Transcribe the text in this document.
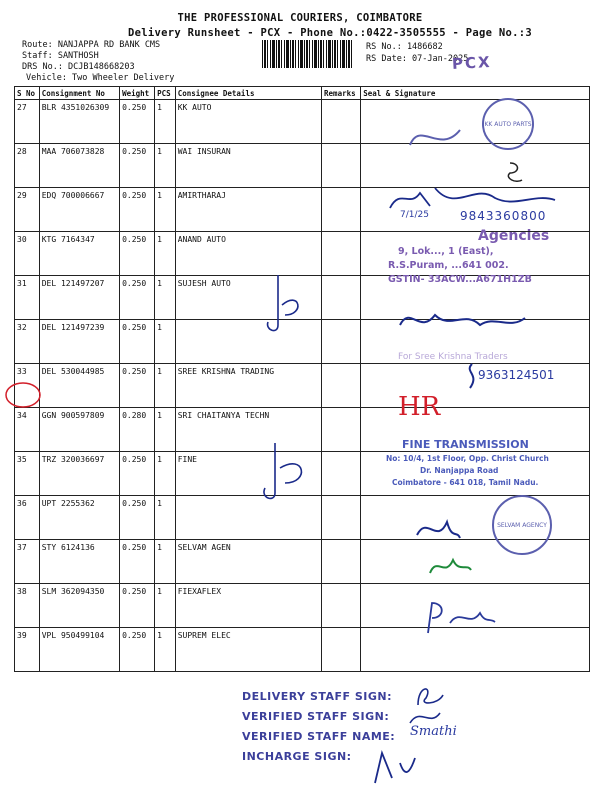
THE PROFESSIONAL COURIERS, COIMBATORE
Delivery Runsheet - PCX - Phone No.:0422-3505555 - Page No.:3
Route: NANJAPPA RD BANK CMS
Staff: SANTHOSH
DRS No.: DCJB148668203
Vehicle: Two Wheeler Delivery
RS No.: 1486682
RS Date: 07-Jan-2025
PCX
S No	Consignment No	Weight	PCS	Consignee Details	Remarks	Seal & Signature
27	BLR 4351026309	0.250	1	KK AUTO		
28	MAA 706073828	0.250	1	WAI INSURAN		
29	EDQ 700006667	0.250	1	AMIRTHARAJ		
30	KTG 7164347	0.250	1	ANAND AUTO		
31	DEL 121497207	0.250	1	SUJESH AUTO		
32	DEL 121497239	0.250	1			
33	DEL 530044985	0.250	1	SREE KRISHNA TRADING		
34	GGN 900597809	0.280	1	SRI CHAITANYA TECHN		
35	TRZ 320036697	0.250	1	FINE		
36	UPT 2255362	0.250	1			
37	STY 6124136	0.250	1	SELVAM AGEN		
38	SLM 362094350	0.250	1	FIEXAFLEX		
39	VPL 950499104	0.250	1	SUPREM ELEC		
KK AUTO PARTS
7/1/25	9843360800
Agencies
9, Lok..., 1 (East),
R.S.Puram, ...641 002.
GSTIN- 33ACW...A671H1ZB
For Sree Krishna Traders
9363124501
HR
FINE TRANSMISSION
No: 10/4, 1st Floor, Opp. Christ Church
Dr. Nanjappa Road
Coimbatore - 641 018, Tamil Nadu.
SELVAM AGENCY
DELIVERY STAFF SIGN:
VERIFIED STAFF SIGN:
VERIFIED STAFF NAME:
INCHARGE SIGN:
Smathi
